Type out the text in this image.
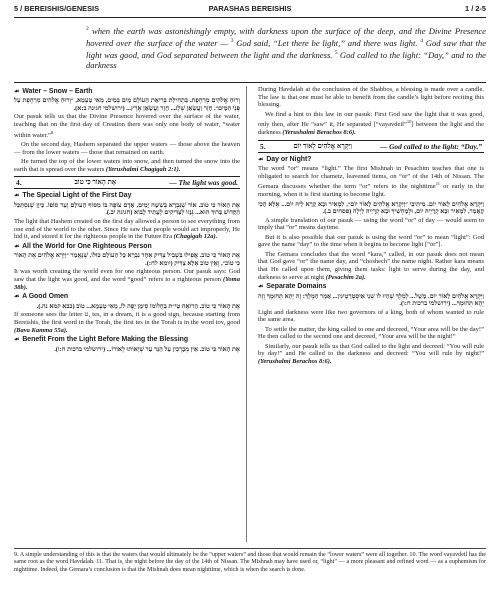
5 / BEREISHIS/GENESIS	PARASHAS BEREISHIS	1 / 2-5
$^2$ when the earth was astonishingly empty, with darkness upon the surface of the deep, and the Divine Presence hovered over the surface of the water — $^3$ God said, “Let there be light,” and there was light. $^4$ God saw that the light was good, and God separated between the light and the darkness. $^5$ God called to the light: “Day,” and to the darkness
☙ Water – Snow – Earth
וְרוּחַ אֱלֹהִים מְרַחֶפֶת. בִּתְחִילַּת בְּרִיאַת הָעוֹלָם מַיִם בְּמַיִם, מֵאִי טַעְמָא, ״וְרוּחַ אֱלֹהִים מְרַחֶפֶת עַל פְּנֵי הַמָּיִם״. חָזַר וַעֲשָׂאָן שֶׁלֶג... חָזַר וַעֲשָׂאָן אֶרֶץ... (ירושלמי חגיגה ב:א).
Our pasuk tells us that the Divine Presence hovered over the surface of the water, teaching that on the first day of Creation there was only one body of water, “water within water.”$^8$
On the second day, Hashem separated the upper waters — those above the heaven — from the lower waters — those that remained on earth.
He turned the top of the lower waters into snow, and then turned the snow into the earth that is spread over the waters (Yerushalmi Chagigah 2:1).
4.	אֶת הָאוֹר כִּי טוֹב	— The light was good.
☙ The Special Light of the First Day
אֶת הָאוֹר כִּי טוֹב. אוֹר שֶׁנִּבְרָא בְּשִׁשָּׁה יָמִים, אָדָם צוֹפֶה בּוֹ מִסּוֹף הָעוֹלָם וְעַד סוֹפוֹ. כֵּיוָן שֶׁנִּסְתַּכֵּל הַקָּדוֹשׁ בָּרוּךְ הוּא... גְּנָזוֹ לַצַּדִּיקִים לֶעָתִיד לָבוֹא (חגיגה יב.).
The light that Hashem created on the first day allowed a person to see everything from one end of the world to the other. Since He saw that people would act improperly, He hid it, and stored it for the righteous people in the Future Era (Chagigah 12a).
☙ All the World for One Righteous Person
אֶת הָאוֹר כִּי טוֹב. אֲפִילוּ בִּשְׁבִיל צַדִּיק אֶחָד נִבְרָא כָּל הָעוֹלָם כּוּלּוֹ, שֶׁנֶּאֱמַר ״וַיַּרְא אֱלֹהִים אֶת הָאוֹר כִּי טוֹב״, וְאֵין טוֹב אֶלָּא צַדִּיק (יומא לח:).
It was worth creating the world even for one righteous person. Our pasuk says: God saw that the light was good, and the word “good” refers to a righteous person (Yoma 38b).
☙ A Good Omen
אֶת הָאוֹר כִּי טוֹב. הָרוֹאֶה טֵי״ת בַּחֲלוֹמוֹ סִימָן יָפֶה לוֹ, מֵאִי טַעְמָא... טוֹב (בבא קמא נה.).
If someone sees the letter ט, tes, in a dream, it is a good sign, because starting from Bereishis, the first word in the Torah, the first tes in the Torah is in the word tov, good (Bava Kamma 55a).
☙ Benefit From the Light Before Making the Blessing
אֶת הָאוֹר כִּי טוֹב. אֵין מְבָרְכִין עַל הַנֵּר עַד שֶׁיֵּאוֹתוּ לְאוֹרוֹ... (ירושלמי ברכות ח:ו).
During Havdalah at the conclusion of the Shabbos, a blessing is made over a candle. The law is that one must be able to benefit from the candle’s light before reciting this blessing.
We find a hint to this law in our pasuk: First God saw the light that it was good, only then, after He “saw” it, He separated [“vayavdeil”$^{10}$] between the light and the darkness (Yerushalmi Berachos 8:6).
5.	וַיִּקְרָא אֱלֹהִים לָאוֹר יוֹם	— God called to the light: “Day.”
☙ Day or Night?
The word “or” means “light.” The first Mishnah in Pesachim teaches that one is obligated to search for chametz, leavened items, on “or” of the 14th of Nissan. The Gemara discusses whether the term “or” refers to the nighttime$^{11}$ or early in the morning, when it is first starting to become light.
וַיִּקְרָא אֱלֹהִים לָאוֹר יוֹם. מִיתִיבֵי ״וַיִּקְרָא אֱלֹהִים לָאוֹר יוֹם״, לִמְאִיר וּבָא קָרָא לֵיהּ יוֹם... אֶלָּא הָכִי קָאָמַר, לִמְאִיר וּבָא קְרָיֵיהּ יוֹם, וּלְמַחְשִׁיךְ וּבָא קְרָיֵיהּ לַיְלָה (פסחים ב.).
A simple translation of our pasuk — using the word “or” of day — would seem to imply that “or” means daytime.
But it is also possible that our pasuk is using the word “or” to mean “light”: God gave the name “day” to the time when it begins to become light [“or”].
The Gemara concludes that the word “kara,” called, in our pasuk does not mean that God gave “or” the name day, and “choshech” the name night. Rather kara means that He called upon them, giving them tasks: light to serve during the day, and darkness to serve at night (Pesachim 2a).
☙ Separate Domains
וַיִּקְרָא אֱלֹהִים לָאוֹר יוֹם. מָשָׁל... לְמֶלֶךְ שֶׁהָיוּ לוֹ שְׁנֵי אִיסְטְרָטֵיגִין... אָמַר הַמֶּלֶךְ: זֶה יְהֵא תְּחוּמֶךָ וְזֶה יְהֵא תְּחוּמֶךָ... (ירושלמי ברכות ח:ו).
Light and darkness were like two governors of a king, both of whom wanted to rule the same area.
To settle the matter, the king called to one and decreed, “Your area will be the day!” He then called to the second one and decreed, “Your area will be the night!”
Similarly, our pasuk tells us that God called to the light and decreed: “You will rule by day!” and He called to the darkness and decreed: “You will rule by night!” (Yerushalmi Berachos 8:6).
9. A simple understanding of this is that the waters that would ultimately be the “upper waters” and those that would remain the “lower waters” were all together. 10. The word vayavdeil has the same root as the word Havdalah. 11. That is, the night before the day of the 14th of Nissan. The Mishnah may have used or, “light” — a more pleasant and refined word — as a euphemism for nighttime. Indeed, the Gemara’s conclusion is that the Mishnah does mean nighttime, which is when the search is done.
